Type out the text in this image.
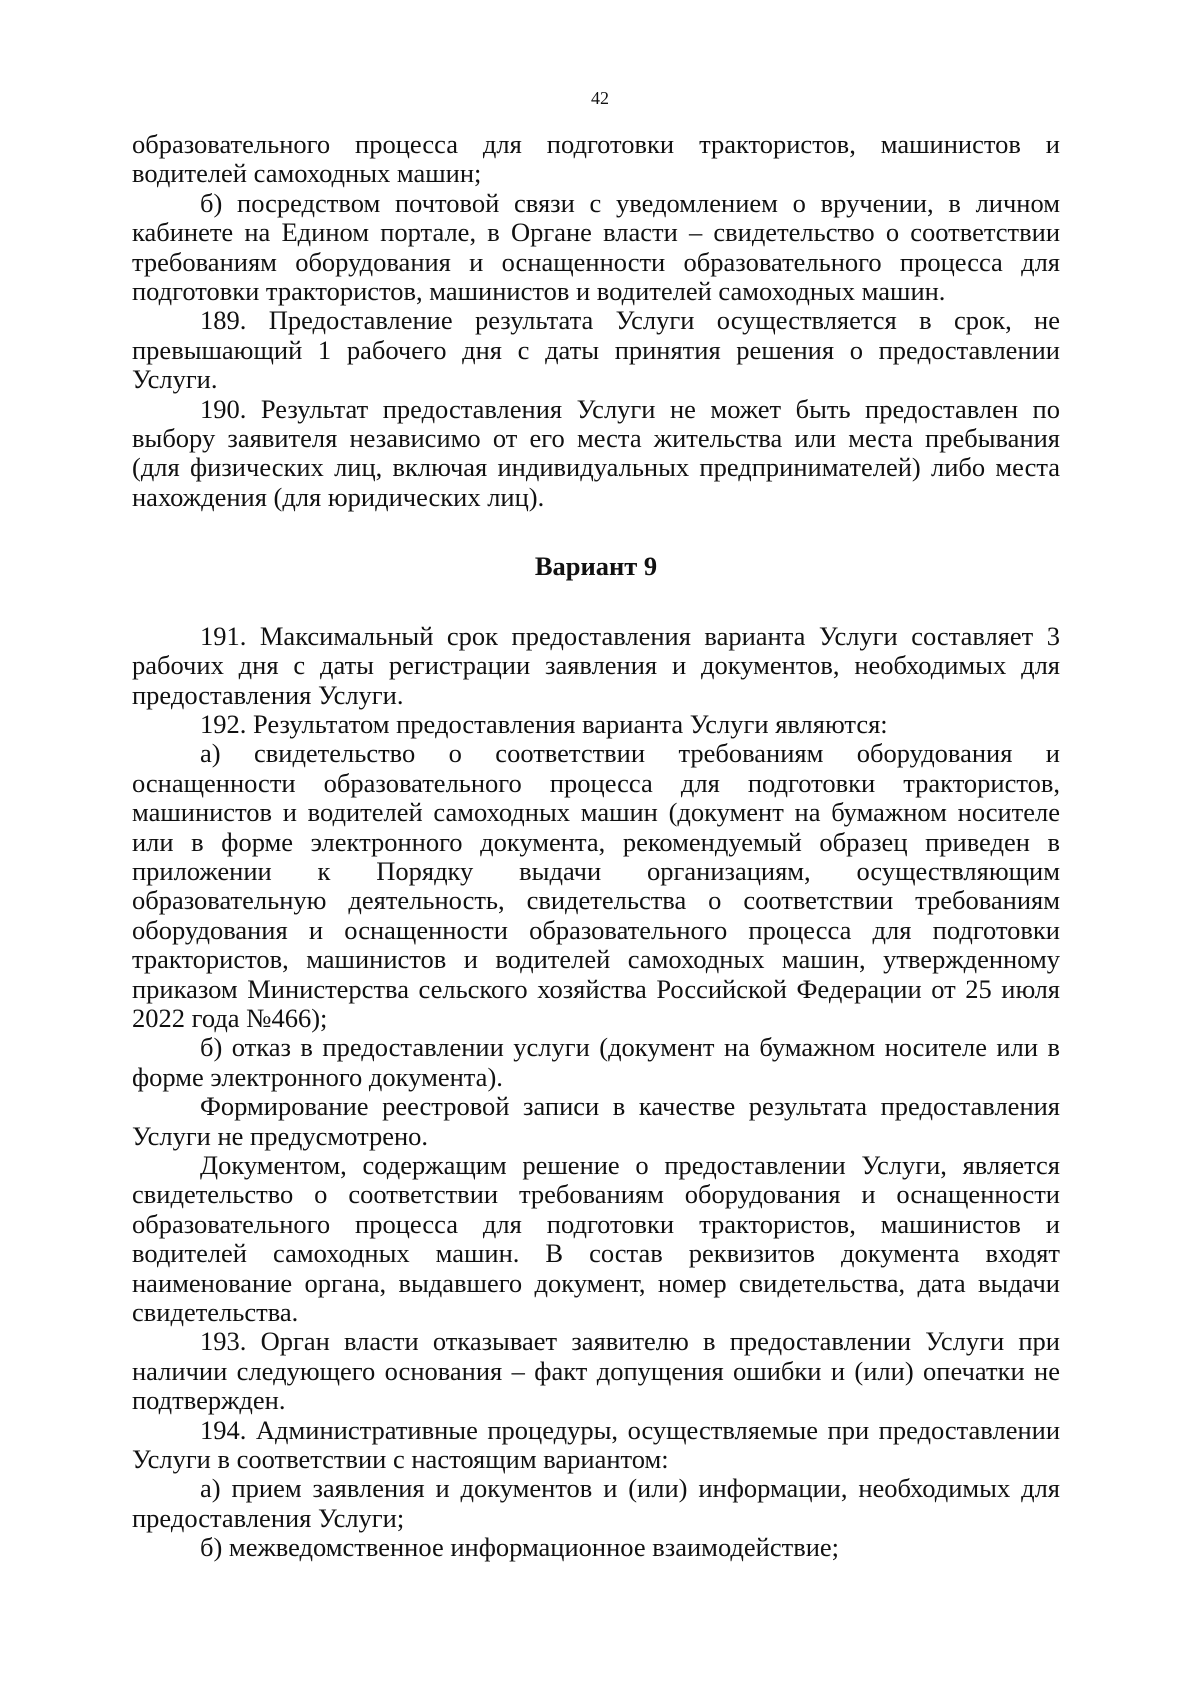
42

образовательного процесса для подготовки трактористов, машинистов и водителей самоходных машин;

б) посредством почтовой связи с уведомлением о вручении, в личном кабинете на Едином портале, в Органе власти – свидетельство о соответствии требованиям оборудования и оснащенности образовательного процесса для подготовки трактористов, машинистов и водителей самоходных машин.

189. Предоставление результата Услуги осуществляется в срок, не превышающий 1 рабочего дня с даты принятия решения о предоставлении Услуги.

190. Результат предоставления Услуги не может быть предоставлен по выбору заявителя независимо от его места жительства или места пребывания (для физических лиц, включая индивидуальных предпринимателей) либо места нахождения (для юридических лиц).

Вариант 9

191. Максимальный срок предоставления варианта Услуги составляет 3 рабочих дня с даты регистрации заявления и документов, необходимых для предоставления Услуги.

192. Результатом предоставления варианта Услуги являются:

а) свидетельство о соответствии требованиям оборудования и оснащенности образовательного процесса для подготовки трактористов, машинистов и водителей самоходных машин (документ на бумажном носителе или в форме электронного документа, рекомендуемый образец приведен в приложении к Порядку выдачи организациям, осуществляющим образовательную деятельность, свидетельства о соответствии требованиям оборудования и оснащенности образовательного процесса для подготовки трактористов, машинистов и водителей самоходных машин, утвержденному приказом Министерства сельского хозяйства Российской Федерации от 25 июля 2022 года №466);

б) отказ в предоставлении услуги (документ на бумажном носителе или в форме электронного документа).

Формирование реестровой записи в качестве результата предоставления Услуги не предусмотрено.

Документом, содержащим решение о предоставлении Услуги, является свидетельство о соответствии требованиям оборудования и оснащенности образовательного процесса для подготовки трактористов, машинистов и водителей самоходных машин. В состав реквизитов документа входят наименование органа, выдавшего документ, номер свидетельства, дата выдачи свидетельства.

193. Орган власти отказывает заявителю в предоставлении Услуги при наличии следующего основания – факт допущения ошибки и (или) опечатки не подтвержден.

194. Административные процедуры, осуществляемые при предоставлении Услуги в соответствии с настоящим вариантом:

а) прием заявления и документов и (или) информации, необходимых для предоставления Услуги;

б) межведомственное информационное взаимодействие;
